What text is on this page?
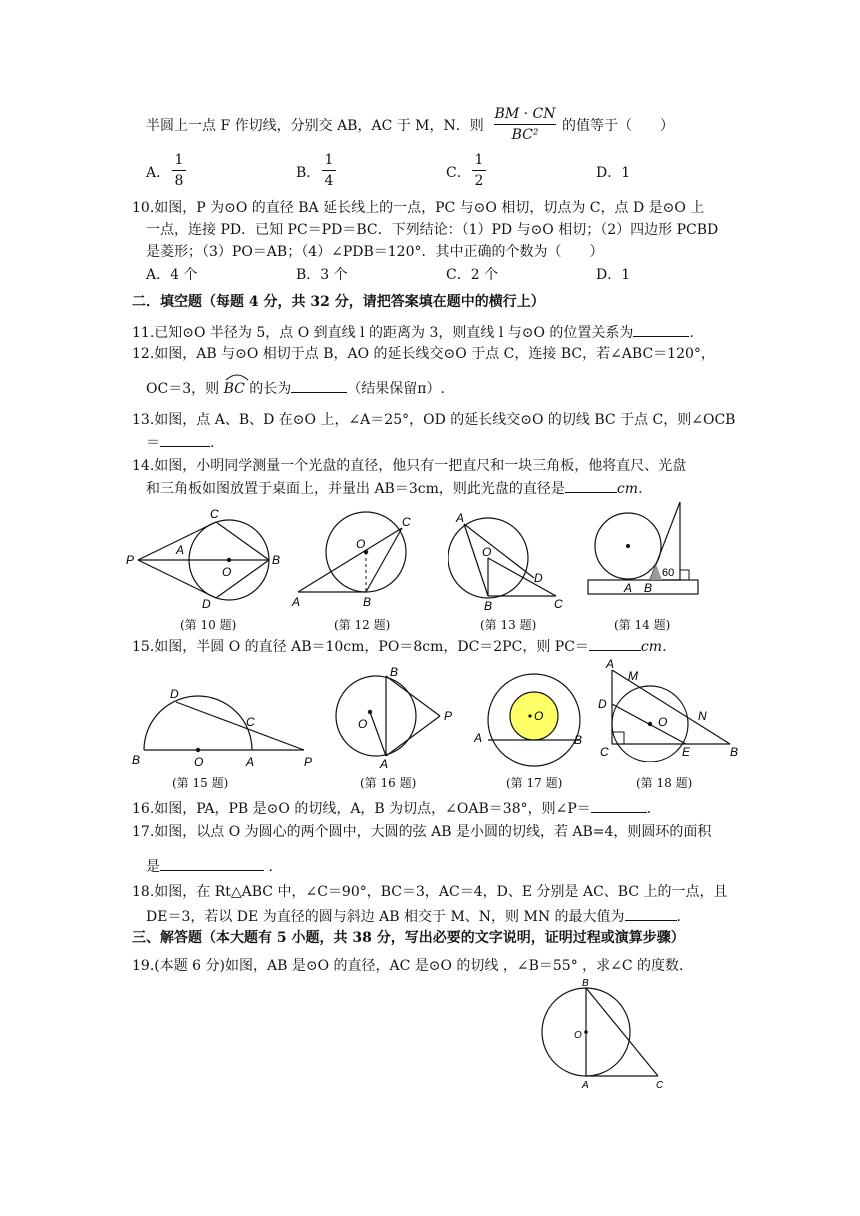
半圆上一点 F 作切线，分别交 AB，AC 于 M，N．则 $\frac{BM \cdot CN}{\text{BC²}}$ 的值等于（　　）
A． $\frac{1}{8}$	B． $\frac{1}{4}$	C． $\frac{1}{2}$	D．1
10.如图，P 为⊙O 的直径 BA 延长线上的一点，PC 与⊙O 相切，切点为 C，点 D 是⊙O 上
一点，连接 PD．已知 PC＝PD＝BC．下列结论：（1）PD 与⊙O 相切；（2）四边形 PCBD
是菱形；（3）PO＝AB；（4）∠PDB＝120°．其中正确的个数为（　　）
A．4 个	B．3 个	C．2 个	D．1
二．填空题（每题 4 分，共 32 分，请把答案填在题中的横行上）
11.已知⊙O 半径为 5，点 O 到直线 l 的距离为 3，则直线 l 与⊙O 的位置关系为	.
12.如图，AB 与⊙O 相切于点 B，AO 的延长线交⊙O 于点 C，连接 BC，若∠ABC＝120°，
OC＝3，则 BC 的长为	（结果保留π）.
13.如图，点 A、B、D 在⊙O 上，∠A＝25°，OD 的延长线交⊙O 的切线 BC 于点 C，则∠OCB
＝	.
14.如图，小明同学测量一个光盘的直径，他只有一把直尺和一块三角板，他将直尺、光盘
和三角板如图放置于桌面上，并量出 AB＝3cm，则此光盘的直径是	cm．
C
A
P
O
B
D
(第 10 题)
O
C
A	B
(第 12 题)
A
O
D
B	C
(第 13 题)
60
A B
(第 14 题)
15.如图，半圆 O 的直径 AB＝10cm，PO＝8cm，DC＝2PC，则 PC＝	cm．
D
C
B	O	A	P
(第 15 题)
B
O
P
A
(第 16 题)
O
A	B
(第 17 题)
A
M
D
O	N
C	E	B
(第 18 题)
16.如图，PA，PB 是⊙O 的切线，A，B 为切点，∠OAB＝38°，则∠P＝	.
17.如图，以点 O 为圆心的两个圆中，大圆的弦 AB 是小圆的切线，若 AB=4，则圆环的面积
是	.
18.如图，在 Rt△ABC 中，∠C＝90°，BC＝3，AC＝4，D、E 分别是 AC、BC 上的一点，且
DE＝3，若以 DE 为直径的圆与斜边 AB 相交于 M、N，则 MN 的最大值为	.
三、解答题（本大题有 5 小题，共 38 分，写出必要的文字说明，证明过程或演算步骤）
19.(本题 6 分)如图，AB 是⊙O 的直径，AC 是⊙O 的切线 ，∠B＝55° ，求∠C 的度数.
B
O
A	C
